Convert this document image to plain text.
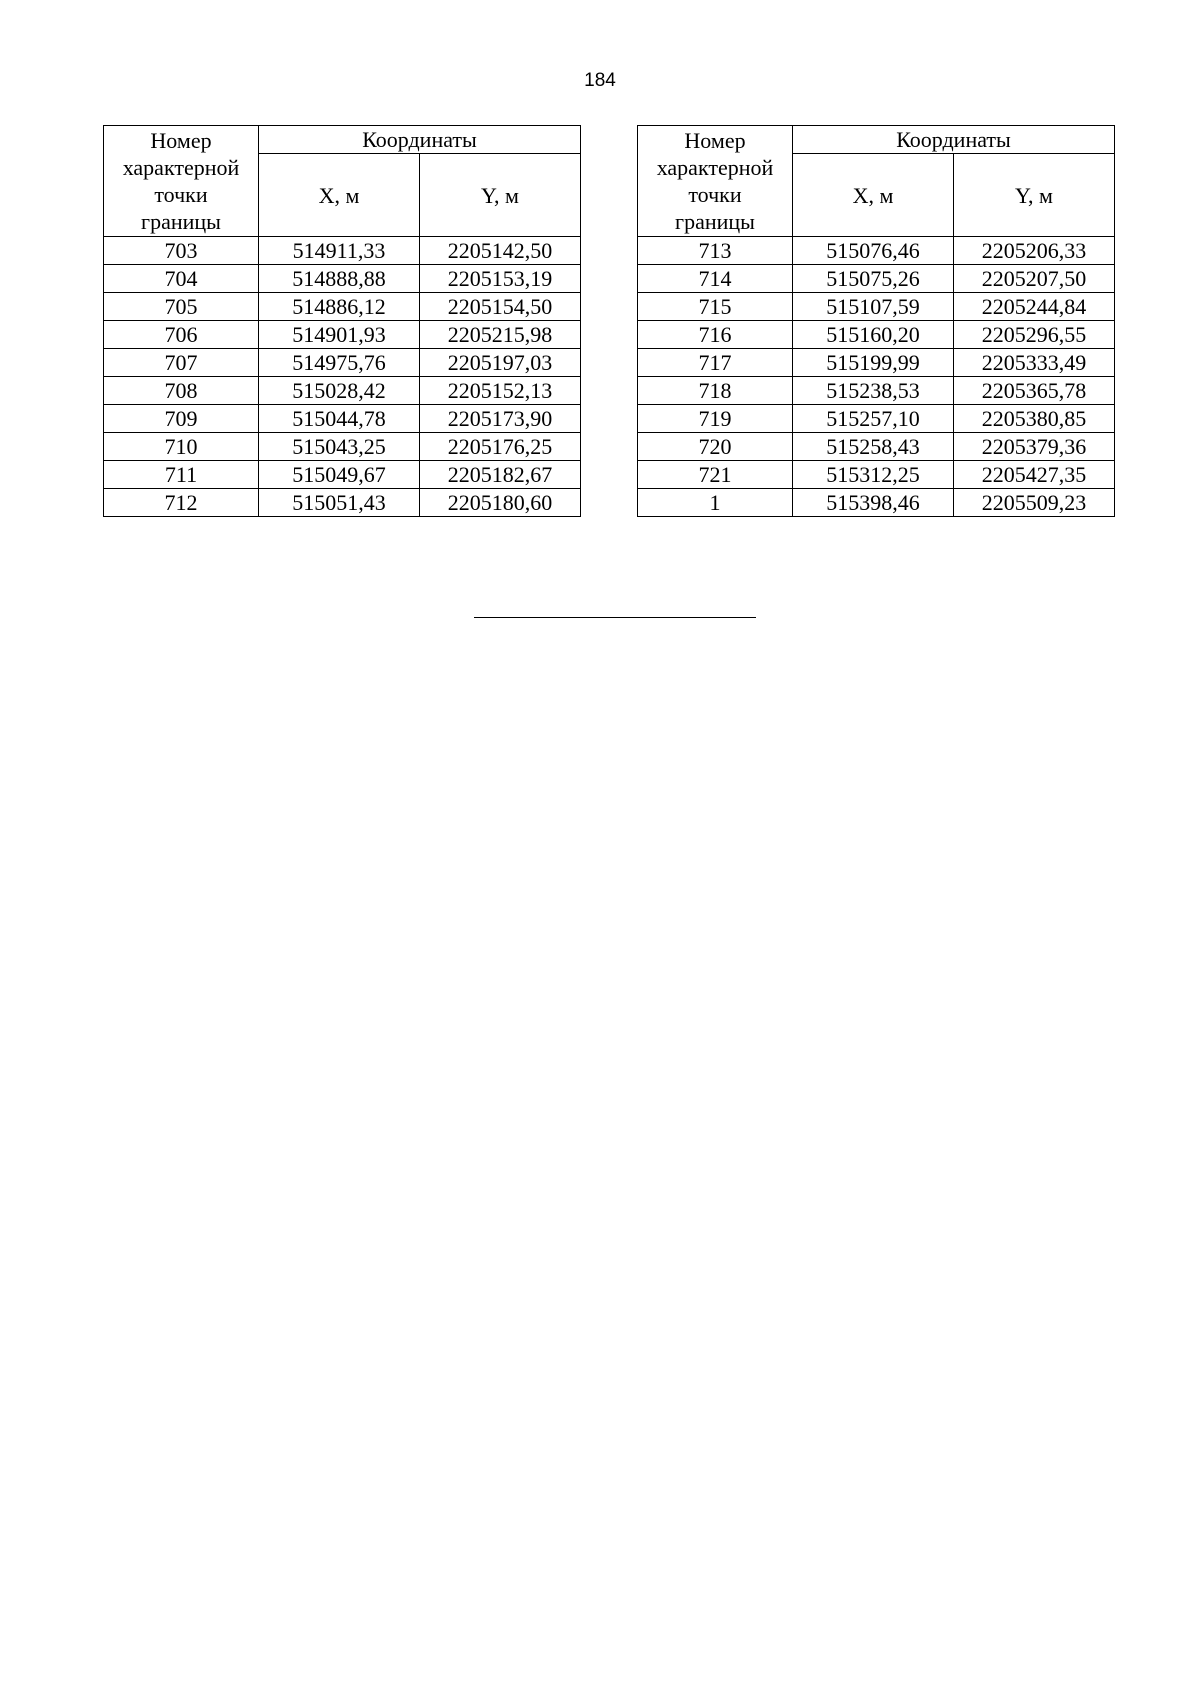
184
Номер
характерной
точки
границы	Координаты	
	X, м	Y, м
703	514911,33	2205142,50
704	514888,88	2205153,19
705	514886,12	2205154,50
706	514901,93	2205215,98
707	514975,76	2205197,03
708	515028,42	2205152,13
709	515044,78	2205173,90
710	515043,25	2205176,25
711	515049,67	2205182,67
712	515051,43	2205180,60
Номер
характерной
точки
границы	Координаты	
	X, м	Y, м
713	515076,46	2205206,33
714	515075,26	2205207,50
715	515107,59	2205244,84
716	515160,20	2205296,55
717	515199,99	2205333,49
718	515238,53	2205365,78
719	515257,10	2205380,85
720	515258,43	2205379,36
721	515312,25	2205427,35
1	515398,46	2205509,23
